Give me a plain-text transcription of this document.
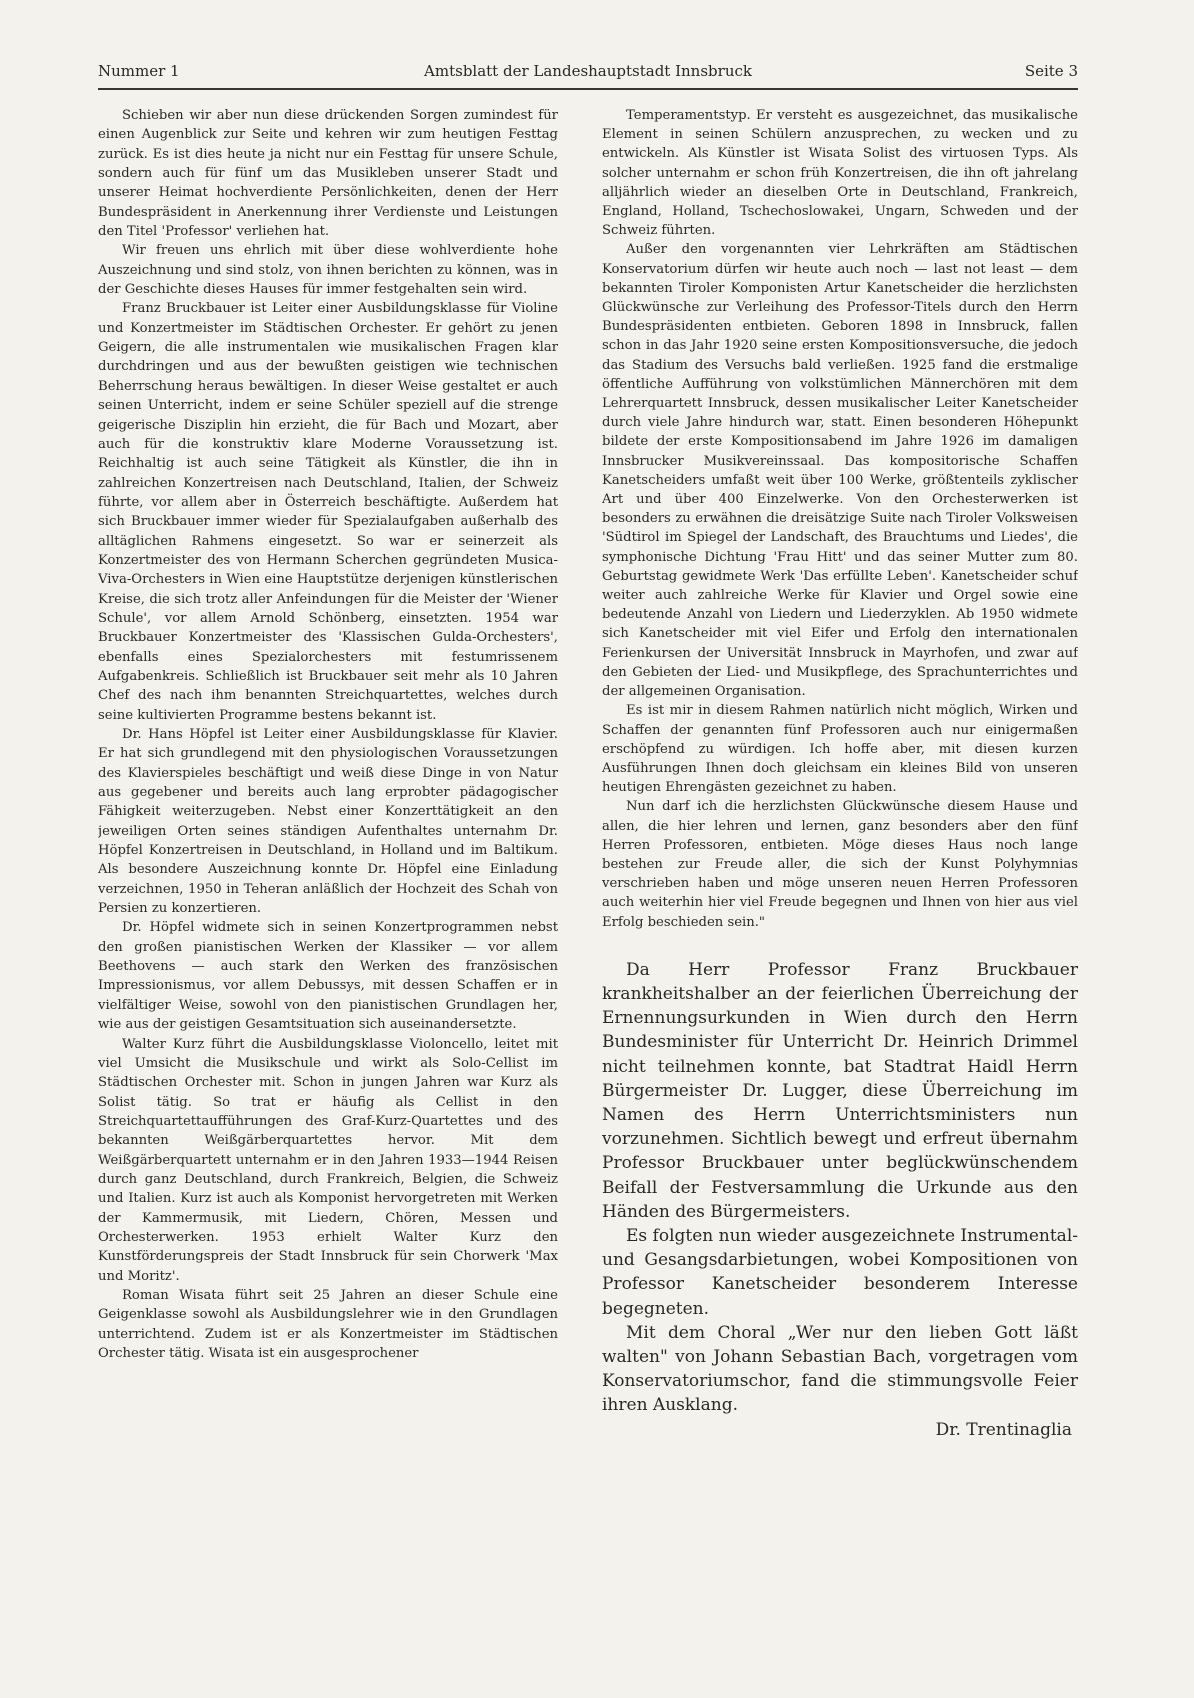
Nummer 1	Amtsblatt der Landeshauptstadt Innsbruck	Seite 3

Schieben wir aber nun diese drückenden Sorgen zumindest für einen Augenblick zur Seite und kehren wir zum heutigen Festtag zurück. Es ist dies heute ja nicht nur ein Festtag für unsere Schule, sondern auch für fünf um das Musikleben unserer Stadt und unserer Heimat hochverdiente Persönlichkeiten, denen der Herr Bundespräsident in Anerkennung ihrer Verdienste und Leistungen den Titel 'Professor' verliehen hat.

Wir freuen uns ehrlich mit über diese wohlverdiente hohe Auszeichnung und sind stolz, von ihnen berichten zu können, was in der Geschichte dieses Hauses für immer festgehalten sein wird.

Franz Bruckbauer ist Leiter einer Ausbildungsklasse für Violine und Konzertmeister im Städtischen Orchester. Er gehört zu jenen Geigern, die alle instrumentalen wie musikalischen Fragen klar durchdringen und aus der bewußten geistigen wie technischen Beherrschung heraus bewältigen. In dieser Weise gestaltet er auch seinen Unterricht, indem er seine Schüler speziell auf die strenge geigerische Disziplin hin erzieht, die für Bach und Mozart, aber auch für die konstruktiv klare Moderne Voraussetzung ist. Reichhaltig ist auch seine Tätigkeit als Künstler, die ihn in zahlreichen Konzertreisen nach Deutschland, Italien, der Schweiz führte, vor allem aber in Österreich beschäftigte. Außerdem hat sich Bruckbauer immer wieder für Spezialaufgaben außerhalb des alltäglichen Rahmens eingesetzt. So war er seinerzeit als Konzertmeister des von Hermann Scherchen gegründeten Musica-Viva-Orchesters in Wien eine Hauptstütze derjenigen künstlerischen Kreise, die sich trotz aller Anfeindungen für die Meister der 'Wiener Schule', vor allem Arnold Schönberg, einsetzten. 1954 war Bruckbauer Konzertmeister des 'Klassischen Gulda-Orchesters', ebenfalls eines Spezialorchesters mit festumrissenem Aufgabenkreis. Schließlich ist Bruckbauer seit mehr als 10 Jahren Chef des nach ihm benannten Streichquartettes, welches durch seine kultivierten Programme bestens bekannt ist.

Dr. Hans Höpfel ist Leiter einer Ausbildungsklasse für Klavier. Er hat sich grundlegend mit den physiologischen Voraussetzungen des Klavierspieles beschäftigt und weiß diese Dinge in von Natur aus gegebener und bereits auch lang erprobter pädagogischer Fähigkeit weiterzugeben. Nebst einer Konzerttätigkeit an den jeweiligen Orten seines ständigen Aufenthaltes unternahm Dr. Höpfel Konzertreisen in Deutschland, in Holland und im Baltikum. Als besondere Auszeichnung konnte Dr. Höpfel eine Einladung verzeichnen, 1950 in Teheran anläßlich der Hochzeit des Schah von Persien zu konzertieren.

Dr. Höpfel widmete sich in seinen Konzertprogrammen nebst den großen pianistischen Werken der Klassiker — vor allem Beethovens — auch stark den Werken des französischen Impressionismus, vor allem Debussys, mit dessen Schaffen er in vielfältiger Weise, sowohl von den pianistischen Grundlagen her, wie aus der geistigen Gesamtsituation sich auseinandersetzte.

Walter Kurz führt die Ausbildungsklasse Violoncello, leitet mit viel Umsicht die Musikschule und wirkt als Solo-Cellist im Städtischen Orchester mit. Schon in jungen Jahren war Kurz als Solist tätig. So trat er häufig als Cellist in den Streichquartettaufführungen des Graf-Kurz-Quartettes und des bekannten Weißgärberquartettes hervor. Mit dem Weißgärberquartett unternahm er in den Jahren 1933—1944 Reisen durch ganz Deutschland, durch Frankreich, Belgien, die Schweiz und Italien. Kurz ist auch als Komponist hervorgetreten mit Werken der Kammermusik, mit Liedern, Chören, Messen und Orchesterwerken. 1953 erhielt Walter Kurz den Kunstförderungspreis der Stadt Innsbruck für sein Chorwerk 'Max und Moritz'.

Roman Wisata führt seit 25 Jahren an dieser Schule eine Geigenklasse sowohl als Ausbildungslehrer wie in den Grundlagen unterrichtend. Zudem ist er als Konzertmeister im Städtischen Orchester tätig. Wisata ist ein ausgesprochener

Temperamentstyp. Er versteht es ausgezeichnet, das musikalische Element in seinen Schülern anzusprechen, zu wecken und zu entwickeln. Als Künstler ist Wisata Solist des virtuosen Typs. Als solcher unternahm er schon früh Konzertreisen, die ihn oft jahrelang alljährlich wieder an dieselben Orte in Deutschland, Frankreich, England, Holland, Tschechoslowakei, Ungarn, Schweden und der Schweiz führten.

Außer den vorgenannten vier Lehrkräften am Städtischen Konservatorium dürfen wir heute auch noch — last not least — dem bekannten Tiroler Komponisten Artur Kanetscheider die herzlichsten Glückwünsche zur Verleihung des Professor-Titels durch den Herrn Bundespräsidenten entbieten. Geboren 1898 in Innsbruck, fallen schon in das Jahr 1920 seine ersten Kompositionsversuche, die jedoch das Stadium des Versuchs bald verließen. 1925 fand die erstmalige öffentliche Aufführung von volkstümlichen Männerchören mit dem Lehrerquartett Innsbruck, dessen musikalischer Leiter Kanetscheider durch viele Jahre hindurch war, statt. Einen besonderen Höhepunkt bildete der erste Kompositionsabend im Jahre 1926 im damaligen Innsbrucker Musikvereinssaal. Das kompositorische Schaffen Kanetscheiders umfaßt weit über 100 Werke, größtenteils zyklischer Art und über 400 Einzelwerke. Von den Orchesterwerken ist besonders zu erwähnen die dreisätzige Suite nach Tiroler Volksweisen 'Südtirol im Spiegel der Landschaft, des Brauchtums und Liedes', die symphonische Dichtung 'Frau Hitt' und das seiner Mutter zum 80. Geburtstag gewidmete Werk 'Das erfüllte Leben'. Kanetscheider schuf weiter auch zahlreiche Werke für Klavier und Orgel sowie eine bedeutende Anzahl von Liedern und Liederzyklen. Ab 1950 widmete sich Kanetscheider mit viel Eifer und Erfolg den internationalen Ferienkursen der Universität Innsbruck in Mayrhofen, und zwar auf den Gebieten der Lied- und Musikpflege, des Sprachunterrichtes und der allgemeinen Organisation.

Es ist mir in diesem Rahmen natürlich nicht möglich, Wirken und Schaffen der genannten fünf Professoren auch nur einigermaßen erschöpfend zu würdigen. Ich hoffe aber, mit diesen kurzen Ausführungen Ihnen doch gleichsam ein kleines Bild von unseren heutigen Ehrengästen gezeichnet zu haben.

Nun darf ich die herzlichsten Glückwünsche diesem Hause und allen, die hier lehren und lernen, ganz besonders aber den fünf Herren Professoren, entbieten. Möge dieses Haus noch lange bestehen zur Freude aller, die sich der Kunst Polyhymnias verschrieben haben und möge unseren neuen Herren Professoren auch weiterhin hier viel Freude begegnen und Ihnen von hier aus viel Erfolg beschieden sein."

Da Herr Professor Franz Bruckbauer krankheitshalber an der feierlichen Überreichung der Ernennungsurkunden in Wien durch den Herrn Bundesminister für Unterricht Dr. Heinrich Drimmel nicht teilnehmen konnte, bat Stadtrat Haidl Herrn Bürgermeister Dr. Lugger, diese Überreichung im Namen des Herrn Unterrichtsministers nun vorzunehmen. Sichtlich bewegt und erfreut übernahm Professor Bruckbauer unter beglückwünschendem Beifall der Festversammlung die Urkunde aus den Händen des Bürgermeisters.

Es folgten nun wieder ausgezeichnete Instrumental- und Gesangsdarbietungen, wobei Kompositionen von Professor Kanetscheider besonderem Interesse begegneten.

Mit dem Choral „Wer nur den lieben Gott läßt walten" von Johann Sebastian Bach, vorgetragen vom Konservatoriumschor, fand die stimmungsvolle Feier ihren Ausklang.

Dr. Trentinaglia
